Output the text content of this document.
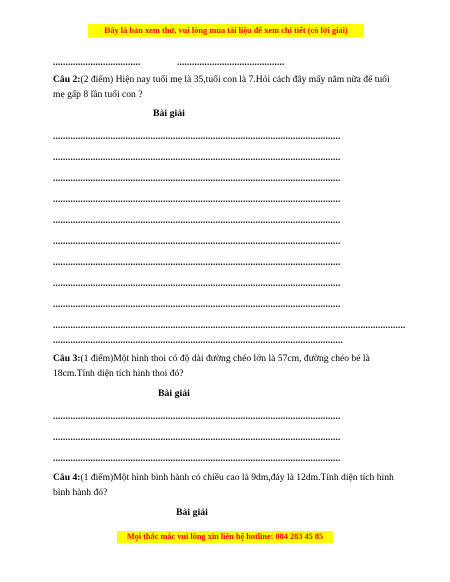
Đây là bản xem thử, vui lòng mua tài liệu để xem chi tiết (có lời giải)
...................................	...........................................
Câu 2:(2 điểm) Hiện nay tuổi mẹ là 35,tuổi con là 7.Hỏi cách đây mấy năm nữa để tuổi mẹ gấp 8 lần tuổi con ?
Bài giải
...................................................................................................................
...................................................................................................................
...................................................................................................................
...................................................................................................................
...................................................................................................................
...................................................................................................................
...................................................................................................................
...................................................................................................................
...................................................................................................................
.............................................................................................................................................
....................................................................................................................
Câu 3:(1 điểm)Một hình thoi có độ dài đường chéo lớn là 57cm, đường chéo bé là 18cm.Tính diện tích hình thoi đó?
Bài giải
...................................................................................................................
...................................................................................................................
...................................................................................................................
Câu 4:(1 điểm)Một hình bình hành có chiều cao là 9dm,đáy là 12dm.Tính diện tích hình bình hành đó?
Bài giải
Mọi thắc mắc vui lòng xin liên hệ hotline: 084 283 45 85
